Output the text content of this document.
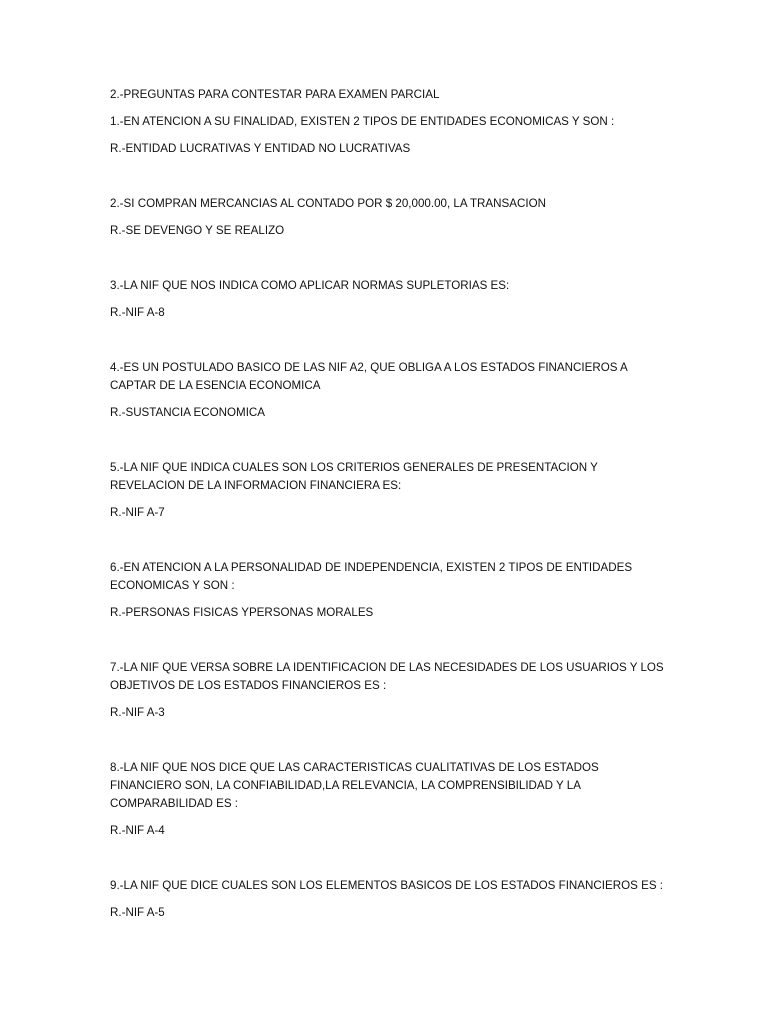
2.-PREGUNTAS PARA CONTESTAR PARA EXAMEN PARCIAL

1.-EN ATENCION A SU FINALIDAD, EXISTEN 2 TIPOS DE ENTIDADES ECONOMICAS Y SON :

R.-ENTIDAD LUCRATIVAS Y ENTIDAD NO LUCRATIVAS

2.-SI COMPRAN MERCANCIAS AL CONTADO POR $ 20,000.00, LA TRANSACION

R.-SE DEVENGO Y SE REALIZO

3.-LA NIF QUE NOS INDICA COMO APLICAR NORMAS SUPLETORIAS ES:

R.-NIF A-8

4.-ES UN POSTULADO BASICO DE LAS NIF A2, QUE OBLIGA A LOS ESTADOS FINANCIEROS A CAPTAR DE LA ESENCIA ECONOMICA

R.-SUSTANCIA ECONOMICA

5.-LA NIF QUE INDICA CUALES SON LOS CRITERIOS GENERALES DE PRESENTACION Y REVELACION DE LA INFORMACION FINANCIERA ES:

R.-NIF A-7

6.-EN ATENCION A LA PERSONALIDAD DE INDEPENDENCIA, EXISTEN 2 TIPOS DE ENTIDADES ECONOMICAS Y SON :

R.-PERSONAS FISICAS YPERSONAS MORALES

7.-LA NIF QUE VERSA SOBRE LA IDENTIFICACION DE LAS NECESIDADES DE LOS USUARIOS Y LOS OBJETIVOS DE LOS ESTADOS FINANCIEROS ES :

R.-NIF A-3

8.-LA NIF QUE NOS DICE QUE LAS CARACTERISTICAS CUALITATIVAS DE LOS ESTADOS FINANCIERO SON, LA CONFIABILIDAD,LA RELEVANCIA, LA COMPRENSIBILIDAD Y LA COMPARABILIDAD ES :

R.-NIF A-4

9.-LA NIF QUE DICE CUALES SON LOS ELEMENTOS BASICOS DE LOS ESTADOS FINANCIEROS ES :

R.-NIF A-5
